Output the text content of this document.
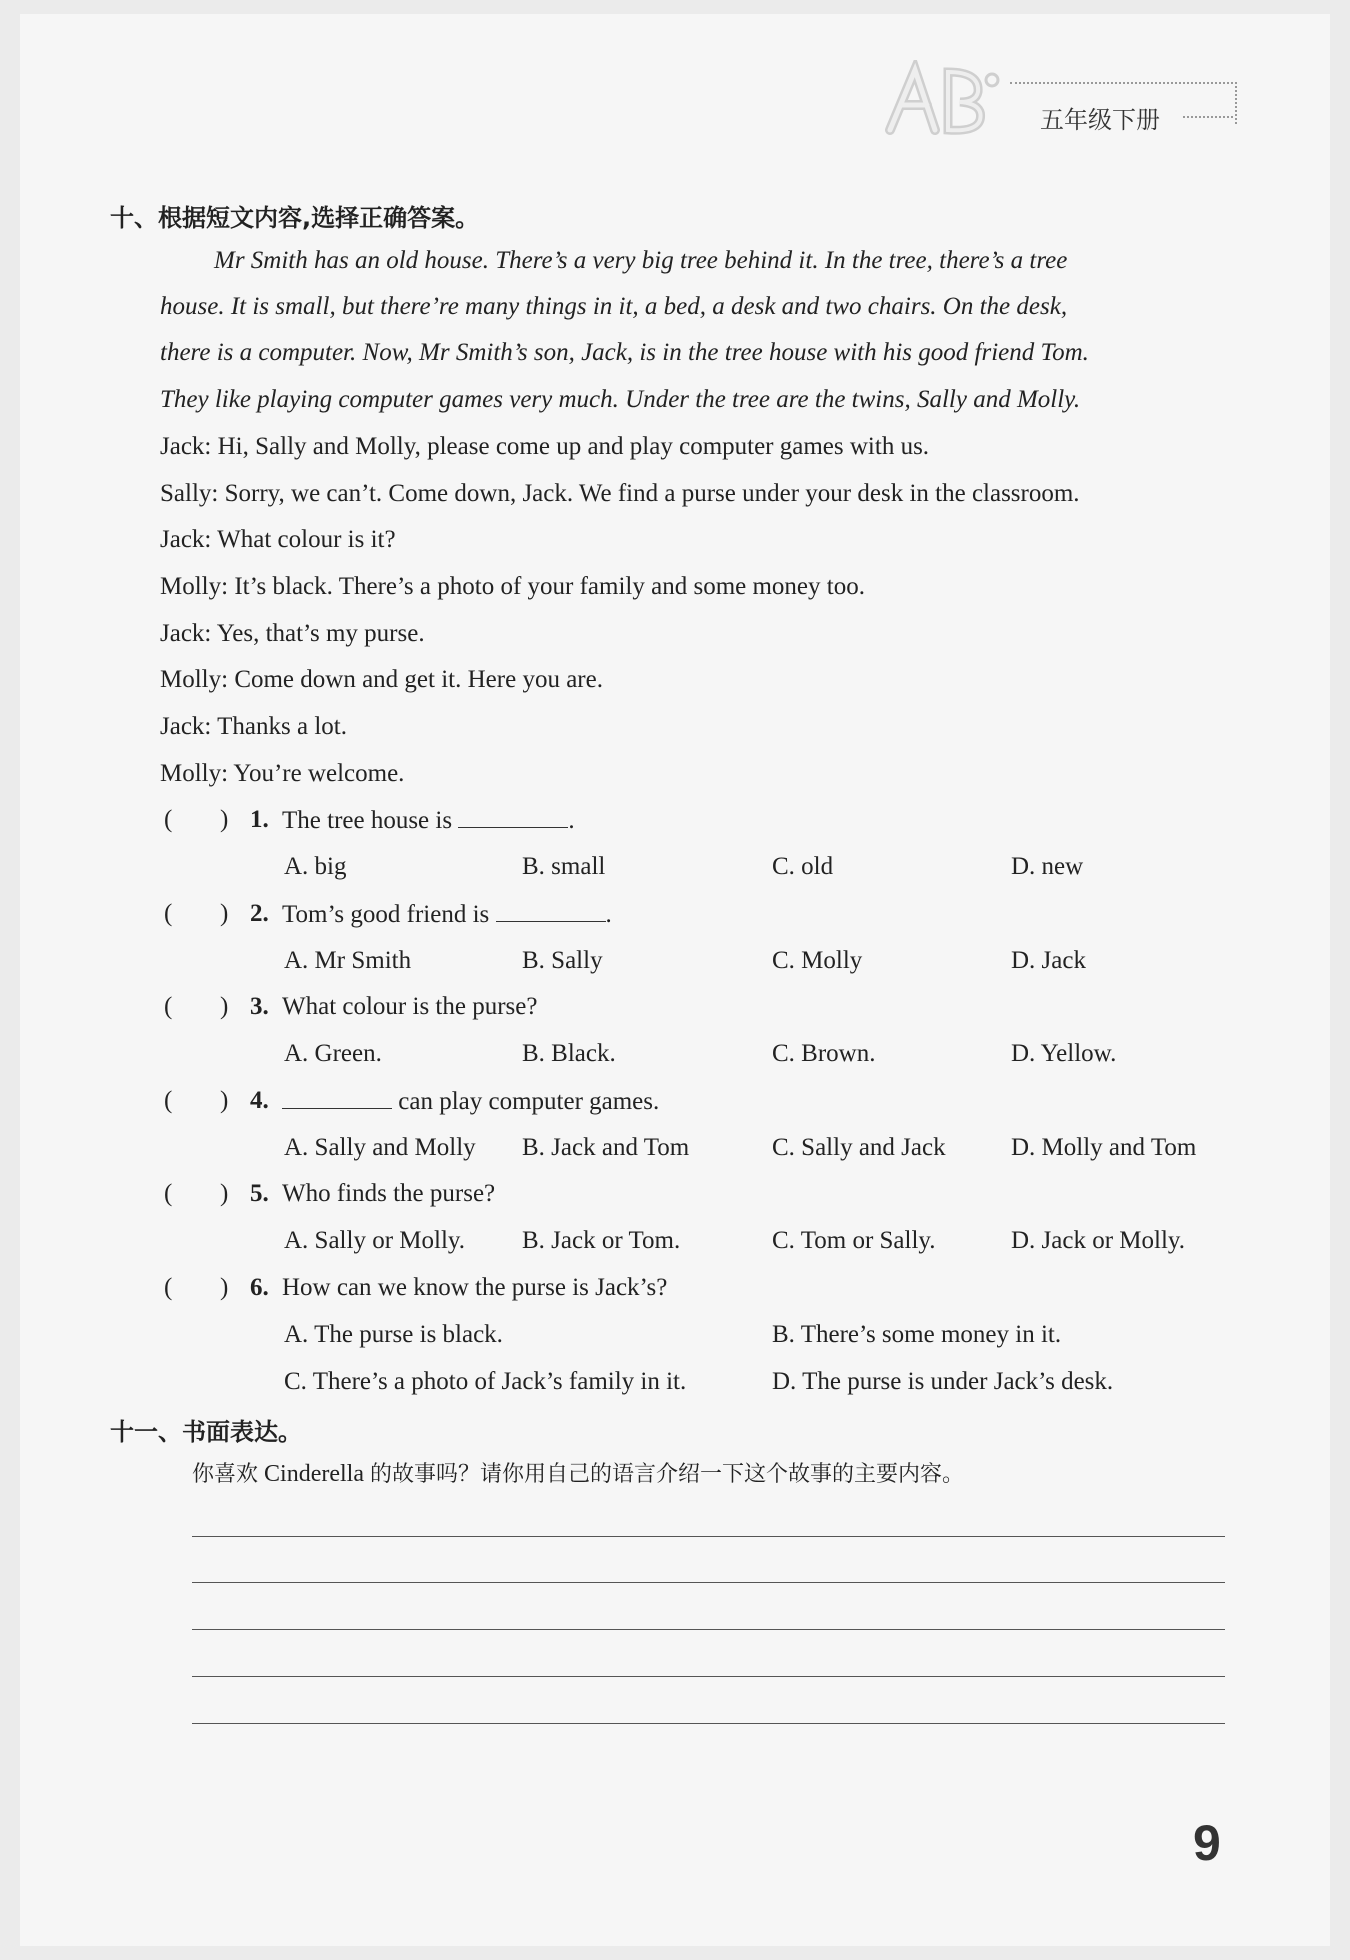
五年级下册
十、根据短文内容,选择正确答案。
Mr Smith has an old house. There’s a very big tree behind it. In the tree, there’s a tree
house. It is small, but there’re many things in it, a bed, a desk and two chairs. On the desk,
there is a computer. Now, Mr Smith’s son, Jack, is in the tree house with his good friend Tom.
They like playing computer games very much. Under the tree are the twins, Sally and Molly.
Jack: Hi, Sally and Molly, please come up and play computer games with us.
Sally: Sorry, we can’t. Come down, Jack. We find a purse under your desk in the classroom.
Jack: What colour is it?
Molly: It’s black. There’s a photo of your family and some money too.
Jack: Yes, that’s my purse.
Molly: Come down and get it. Here you are.
Jack: Thanks a lot.
Molly: You’re welcome.
( ) 1. The tree house is	.
A. big	B. small	C. old	D. new
( ) 2. Tom’s good friend is	.
A. Mr Smith	B. Sally	C. Molly	D. Jack
( ) 3. What colour is the purse?
A. Green.	B. Black.	C. Brown.	D. Yellow.
( ) 4.	can play computer games.
A. Sally and Molly B. Jack and Tom	C. Sally and Jack	D. Molly and Tom
( ) 5. Who finds the purse?
A. Sally or Molly. B. Jack or Tom.	C. Tom or Sally.	D. Jack or Molly.
( ) 6. How can we know the purse is Jack’s?
A. The purse is black.	B. There’s some money in it.
C. There’s a photo of Jack’s family in it.	D. The purse is under Jack’s desk.
十一、书面表达。
你喜欢 Cinderella 的故事吗？请你用自己的语言介绍一下这个故事的主要内容。
9
